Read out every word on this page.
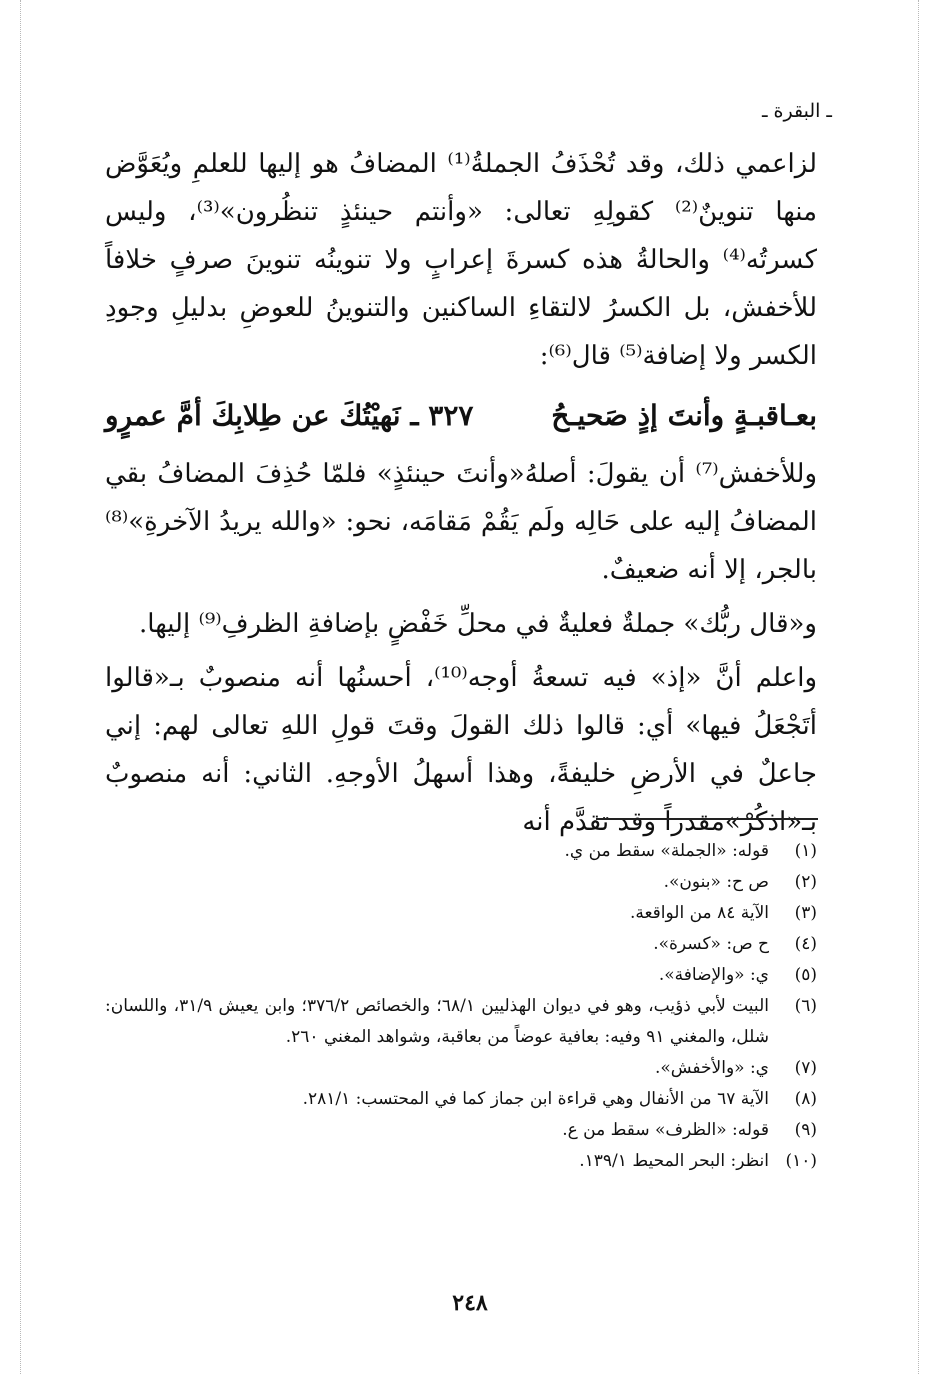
ـ البقرة ـ

لزاعمي ذلك، وقد تُحْذَفُ الجملةُ⁽¹⁾ المضافُ هو إليها للعلمِ ويُعَوَّض منها تنوينٌ⁽²⁾ كقولِهِ تعالى: «وأنتم حينئذٍ تنظُرون»⁽³⁾، وليس كسرتُه⁽⁴⁾ والحالةُ هذه كسرةَ إعرابٍ ولا تنوينُه تنوينَ صرفٍ خلافاً للأخفش، بل الكسرُ لالتقاءِ الساكنين والتنوينُ للعوضِ بدليلِ وجودِ الكسر ولا إضافة⁽⁵⁾ قال⁽⁶⁾:

٣٢٧ ـ نَهيْتُكَ عن طِلابِكَ أمَّ عمرٍو	بعـاقبـةٍ وأنتَ إذٍ صَحيـحُ

وللأخفش⁽⁷⁾ أن يقولَ: أصلهُ«وأنتَ حينئذٍ» فلمّا حُذِفَ المضافُ بقي المضافُ إليه على حَالِه ولَم يَقُمْ مَقامَه، نحو: «والله يريدُ الآخرةِ»⁽⁸⁾ بالجر، إلا أنه ضعيفٌ.

و«قال ربُّك» جملةٌ فعليةٌ في محلِّ خَفْضٍ بإضافةِ الظرفِ⁽⁹⁾ إليها.

واعلم أنَّ «إذ» فيه تسعةُ أوجه⁽¹⁰⁾، أحسنُها أنه منصوبٌ بـ«قالوا أتَجْعَلُ فيها» أي: قالوا ذلك القولَ وقتَ قولِ اللهِ تعالى لهم: إني جاعلٌ في الأرضِ خليفةً، وهذا أسهلُ الأوجهِ. الثاني: أنه منصوبٌ بـ«اذكُرْ»مقدراً وقد تقدَّم أنه

(١)
قوله: «الجملة» سقط من ي.
(٢)
ص ح: «بنون».
(٣)
الآية ٨٤ من الواقعة.
(٤)
ح ص: «كسرة».
(٥)
ي: «والإضافة».
(٦)
البيت لأبي ذؤيب، وهو في ديوان الهذليين ٦٨/١؛ والخصائص ٣٧٦/٢؛ وابن يعيش ٣١/٩، واللسان: شلل، والمغني ٩١ وفيه: بعافية عوضاً من بعاقبة، وشواهد المغني ٢٦٠.
(٧)
ي: «والأخفش».
(٨)
الآية ٦٧ من الأنفال وهي قراءة ابن جماز كما في المحتسب: ٢٨١/١.
(٩)
قوله: «الظرف» سقط من ع.
(١٠)
انظر: البحر المحيط ١٣٩/١.
٢٤٨
